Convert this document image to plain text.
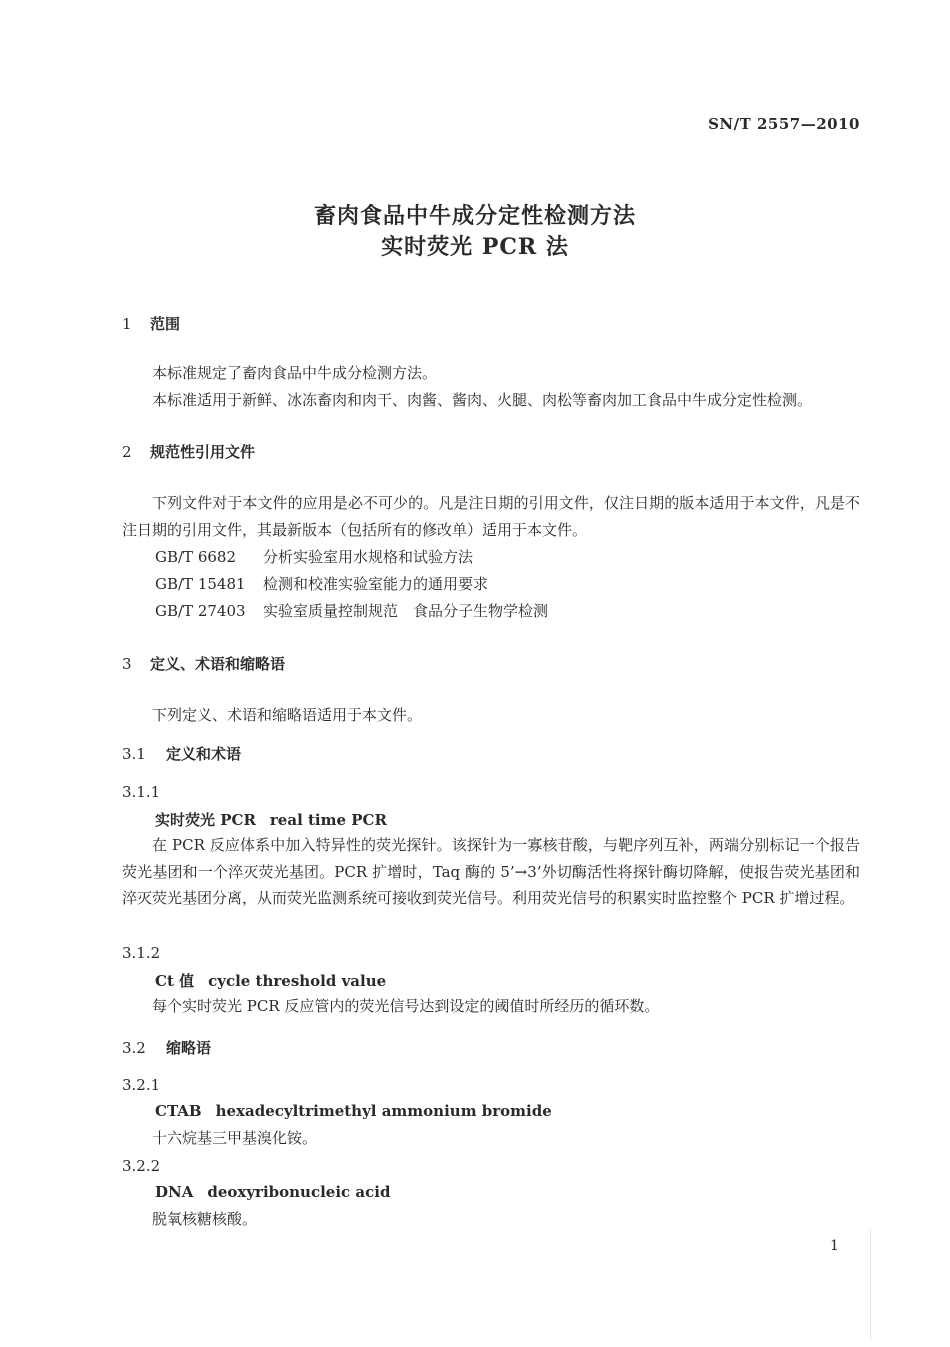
SN/T 2557—2010
畜肉食品中牛成分定性检测方法
实时荧光 PCR 法
1 范围
本标准规定了畜肉食品中牛成分检测方法。
本标准适用于新鲜、冰冻畜肉和肉干、肉酱、酱肉、火腿、肉松等畜肉加工食品中牛成分定性检测。
2 规范性引用文件
下列文件对于本文件的应用是必不可少的。凡是注日期的引用文件，仅注日期的版本适用于本文件，凡是不注日期的引用文件，其最新版本（包括所有的修改单）适用于本文件。
GB/T 6682 分析实验室用水规格和试验方法
GB/T 15481 检测和校准实验室能力的通用要求
GB/T 27403 实验室质量控制规范　食品分子生物学检测
3 定义、术语和缩略语
下列定义、术语和缩略语适用于本文件。
3.1 定义和术语
3.1.1
实时荧光 PCR real time PCR
在 PCR 反应体系中加入特异性的荧光探针。该探针为一寡核苷酸，与靶序列互补，两端分别标记一个报告荧光基团和一个淬灭荧光基团。PCR 扩增时，Taq 酶的 5’→3’外切酶活性将探针酶切降解，使报告荧光基团和淬灭荧光基团分离，从而荧光监测系统可接收到荧光信号。利用荧光信号的积累实时监控整个 PCR 扩增过程。
3.1.2
Ct 值 cycle threshold value
每个实时荧光 PCR 反应管内的荧光信号达到设定的阈值时所经历的循环数。
3.2 缩略语
3.2.1
CTAB hexadecyltrimethyl ammonium bromide
十六烷基三甲基溴化铵。
3.2.2
DNA deoxyribonucleic acid
脱氧核糖核酸。
1
